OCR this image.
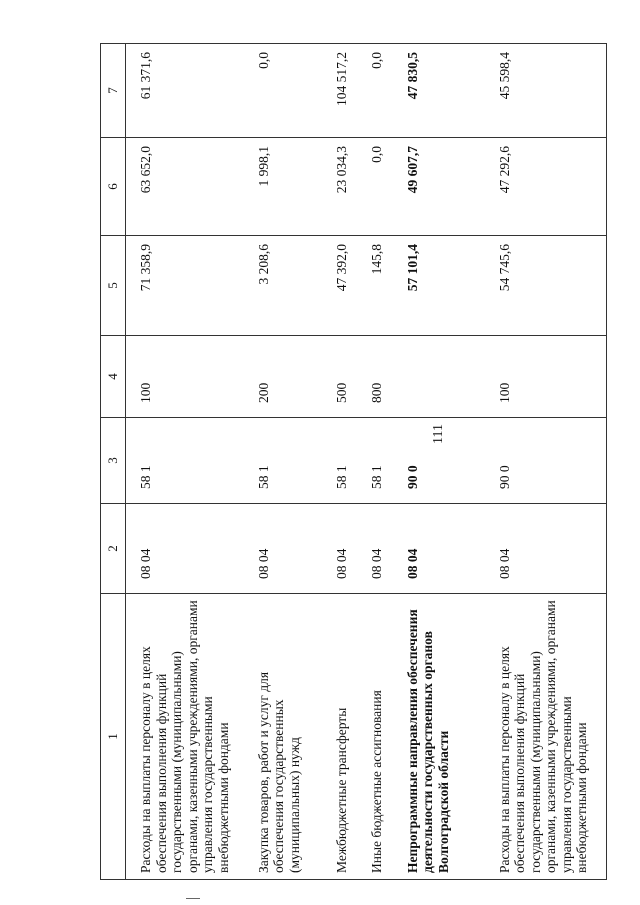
111
1	2	3	4	5	6	7
Расходы на выплаты персоналу в целях обеспечения выполнения функций государственными (муниципальными) органами, казенными учреждениями, органами управления государственными внебюджетными фондами	08 04	58 1	100	71 358,9	63 652,0	61 371,6
Закупка товаров, работ и услуг для обеспечения государственных (муниципальных) нужд	08 04	58 1	200	3 208,6	1 998,1	0,0
Межбюджетные трансферты	08 04	58 1	500	47 392,0	23 034,3	104 517,2
Иные бюджетные ассигнования	08 04	58 1	800	145,8	0,0	0,0
Непрограммные направления обеспечения деятельности государственных органов Волгоградской области	08 04	90 0		57 101,4	49 607,7	47 830,5
Расходы на выплаты персоналу в целях обеспечения выполнения функций государственными (муниципальными) органами, казенными учреждениями, органами управления государственными внебюджетными фондами	08 04	90 0	100	54 745,6	47 292,6	45 598,4
